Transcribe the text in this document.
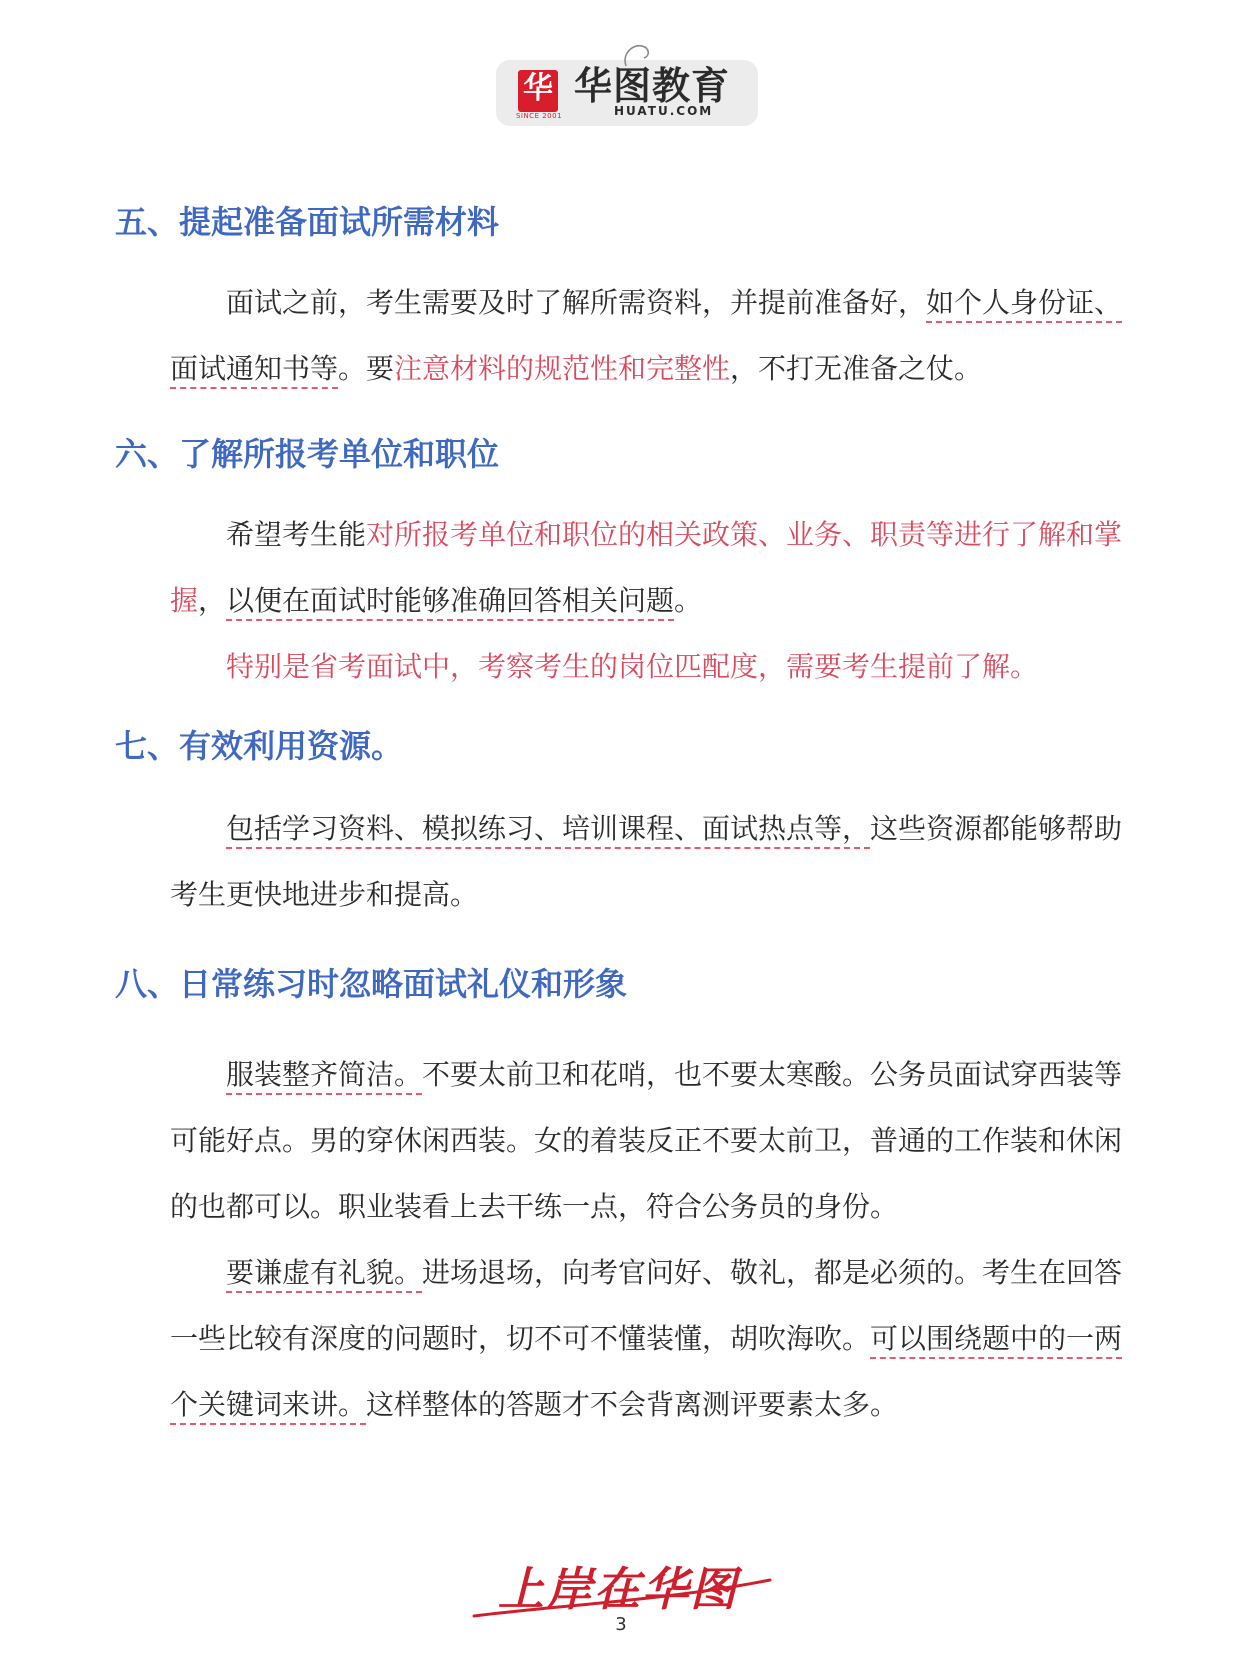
华
SINCE 2001
华图教育
HUATU.COM
五、提起准备面试所需材料

面试之前，考生需要及时了解所需资料，并提前准备好，如个人身份证、面试通知书等。要注意材料的规范性和完整性，不打无准备之仗。

六、了解所报考单位和职位

希望考生能对所报考单位和职位的相关政策、业务、职责等进行了解和掌握，以便在面试时能够准确回答相关问题。

特别是省考面试中，考察考生的岗位匹配度，需要考生提前了解。

七、有效利用资源。

包括学习资料、模拟练习、培训课程、面试热点等，这些资源都能够帮助考生更快地进步和提高。

八、日常练习时忽略面试礼仪和形象

服装整齐简洁。不要太前卫和花哨，也不要太寒酸。公务员面试穿西装等可能好点。男的穿休闲西装。女的着装反正不要太前卫，普通的工作装和休闲的也都可以。职业装看上去干练一点，符合公务员的身份。

要谦虚有礼貌。进场退场，向考官问好、敬礼，都是必须的。考生在回答一些比较有深度的问题时，切不可不懂装懂，胡吹海吹。可以围绕题中的一两个关键词来讲。这样整体的答题才不会背离测评要素太多。

上岸在华图
3
